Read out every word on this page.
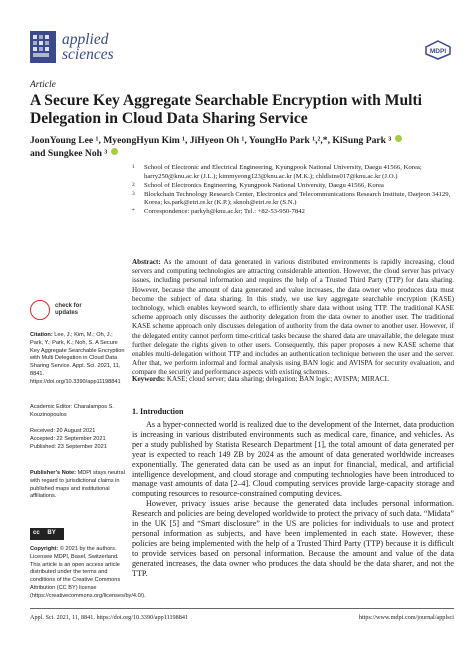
applied
sciences	MDPI
Article
A Secure Key Aggregate Searchable Encryption with Multi Delegation in Cloud Data Sharing Service
JoonYoung Lee ¹, MyeongHyun Kim ¹, JiHyeon Oh ¹, YoungHo Park ¹,²,*, KiSung Park ³
and Sungkee Noh ³
1 School of Electronic and Electrical Engineering, Kyungpook National University, Daegu 41566, Korea; harry250@knu.ac.kr (J.L.); kimmyeong123@knu.ac.kr (M.K.); chldlstns017@knu.ac.kr (J.O.)
2 School of Electronics Engineering, Kyungpook National University, Daegu 41566, Korea
3 Blockchain Technology Research Center, Electronics and Telecommunications Research Institute, Daejeon 34129, Korea; ks.park@etri.re.kr (K.P.); sknoh@etri.re.kr (S.N.)
* Correspondence: parkyh@knu.ac.kr; Tel.: +82-53-950-7842
Abstract: As the amount of data generated in various distributed environments is rapidly increasing, cloud servers and computing technologies are attracting considerable attention. However, the cloud server has privacy issues, including personal information and requires the help of a Trusted Third Party (TTP) for data sharing. However, because the amount of data generated and value increases, the data owner who produces data must become the subject of data sharing. In this study, we use key aggregate searchable encryption (KASE) technology, which enables keyword search, to efficiently share data without using TTP. The traditional KASE scheme approach only discusses the authority delegation from the data owner to another user. The traditional KASE scheme approach only discusses delegation of authority from the data owner to another user. However, if the delegated entity cannot perform time-critical tasks because the shared data are unavailable, the delegate must further delegate the rights given to other users. Consequently, this paper proposes a new KASE scheme that enables multi-delegation without TTP and includes an authentication technique between the user and the server. After that, we perform informal and formal analysis using BAN logic and AVISPA for security evaluation, and compare the security and performance aspects with existing schemes.
Keywords: KASE; cloud server; data sharing; delegation; BAN logic; AVISPA; MIRACL
1. Introduction

As a hyper-connected world is realized due to the development of the Internet, data production is increasing in various distributed environments such as medical care, finance, and vehicles. As per a study published by Statista Research Department [1], the total amount of data generated per year is expected to reach 149 ZB by 2024 as the amount of data generated worldwide increases exponentially. The generated data can be used as an input for financial, medical, and artificial intelligence development, and cloud storage and computing technologies have been introduced to manage vast amounts of data [2–4]. Cloud computing services provide large-capacity storage and computing resources to resource-constrained computing devices.

However, privacy issues arise because the generated data includes personal information. Research and policies are being developed worldwide to protect the privacy of such data. “Midata” in the UK [5] and “Smart disclosure” in the US are policies for individuals to use and protect personal information as subjects, and have been implemented in each state. However, these policies are being implemented with the help of a Trusted Third Party (TTP) because it is difficult to provide services based on personal information. Because the amount and value of the data generated increases, the data owner who produces the data should be the data sharer, and not the TTP.

check for
updates
Citation: Lee, J.; Kim, M.; Oh, J.; Park, Y.; Park, K.; Noh, S. A Secure Key Aggregate Searchable Encryption with Multi Delegation in Cloud Data Sharing Service. Appl. Sci. 2021, 11, 8841. https://doi.org/10.3390/app11198841
Academic Editor: Charalampos S. Kouzinopoulos
Received: 20 August 2021
Accepted: 22 September 2021
Published: 23 September 2021
Publisher’s Note: MDPI stays neutral with regard to jurisdictional claims in published maps and institutional affiliations.
cc BY
Copyright: © 2021 by the authors. Licensee MDPI, Basel, Switzerland. This article is an open access article distributed under the terms and conditions of the Creative Commons Attribution (CC BY) license (https://creativecommons.org/licenses/by/4.0/).
Appl. Sci. 2021, 11, 8841. https://doi.org/10.3390/app11198841	https://www.mdpi.com/journal/applsci
